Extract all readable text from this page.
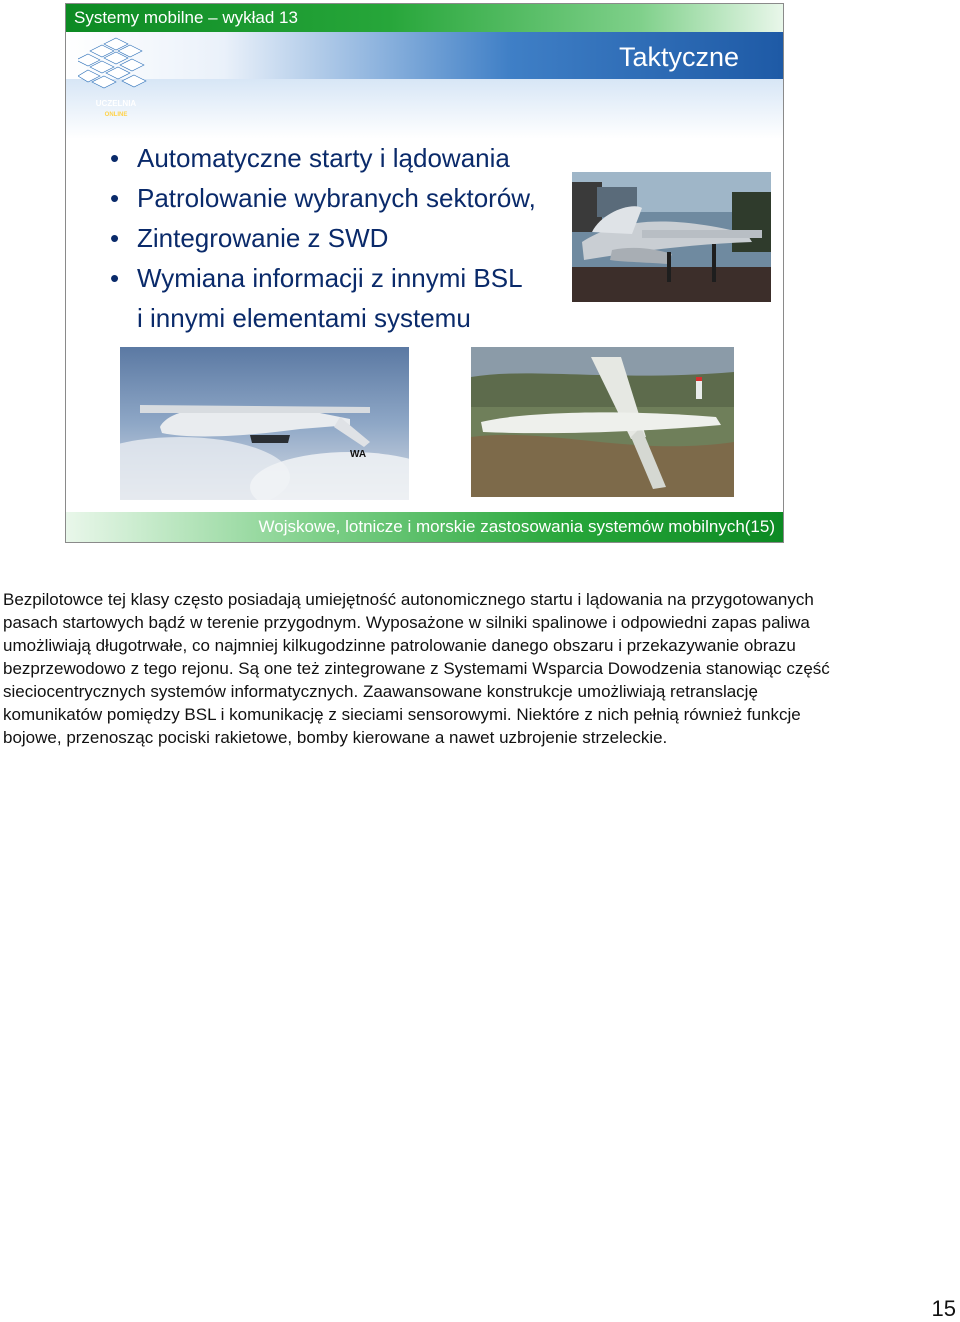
Systemy mobilne – wykład 13
Taktyczne
UCZELNIA
ONLINE
• Automatyczne starty i lądowania
• Patrolowanie wybranych sektorów,
• Zintegrowanie z SWD
• Wymiana informacji z innymi BSL
i innymi elementami systemu
WA
Wojskowe, lotnicze i morskie zastosowania systemów mobilnych(15)
Bezpilotowce tej klasy często posiadają umiejętność autonomicznego startu i lądowania na przygotowanych pasach startowych bądź w terenie przygodnym. Wyposażone w silniki spalinowe i odpowiedni zapas paliwa umożliwiają długotrwałe, co najmniej kilkugodzinne patrolowanie danego obszaru i przekazywanie obrazu bezprzewodowo z tego rejonu. Są one też zintegrowane z Systemami Wsparcia Dowodzenia stanowiąc część sieciocentrycznych systemów informatycznych. Zaawansowane konstrukcje umożliwiają retranslację komunikatów pomiędzy BSL i komunikację z sieciami sensorowymi. Niektóre z nich pełnią również funkcje bojowe, przenosząc pociski rakietowe, bomby kierowane a nawet uzbrojenie strzeleckie.
15
